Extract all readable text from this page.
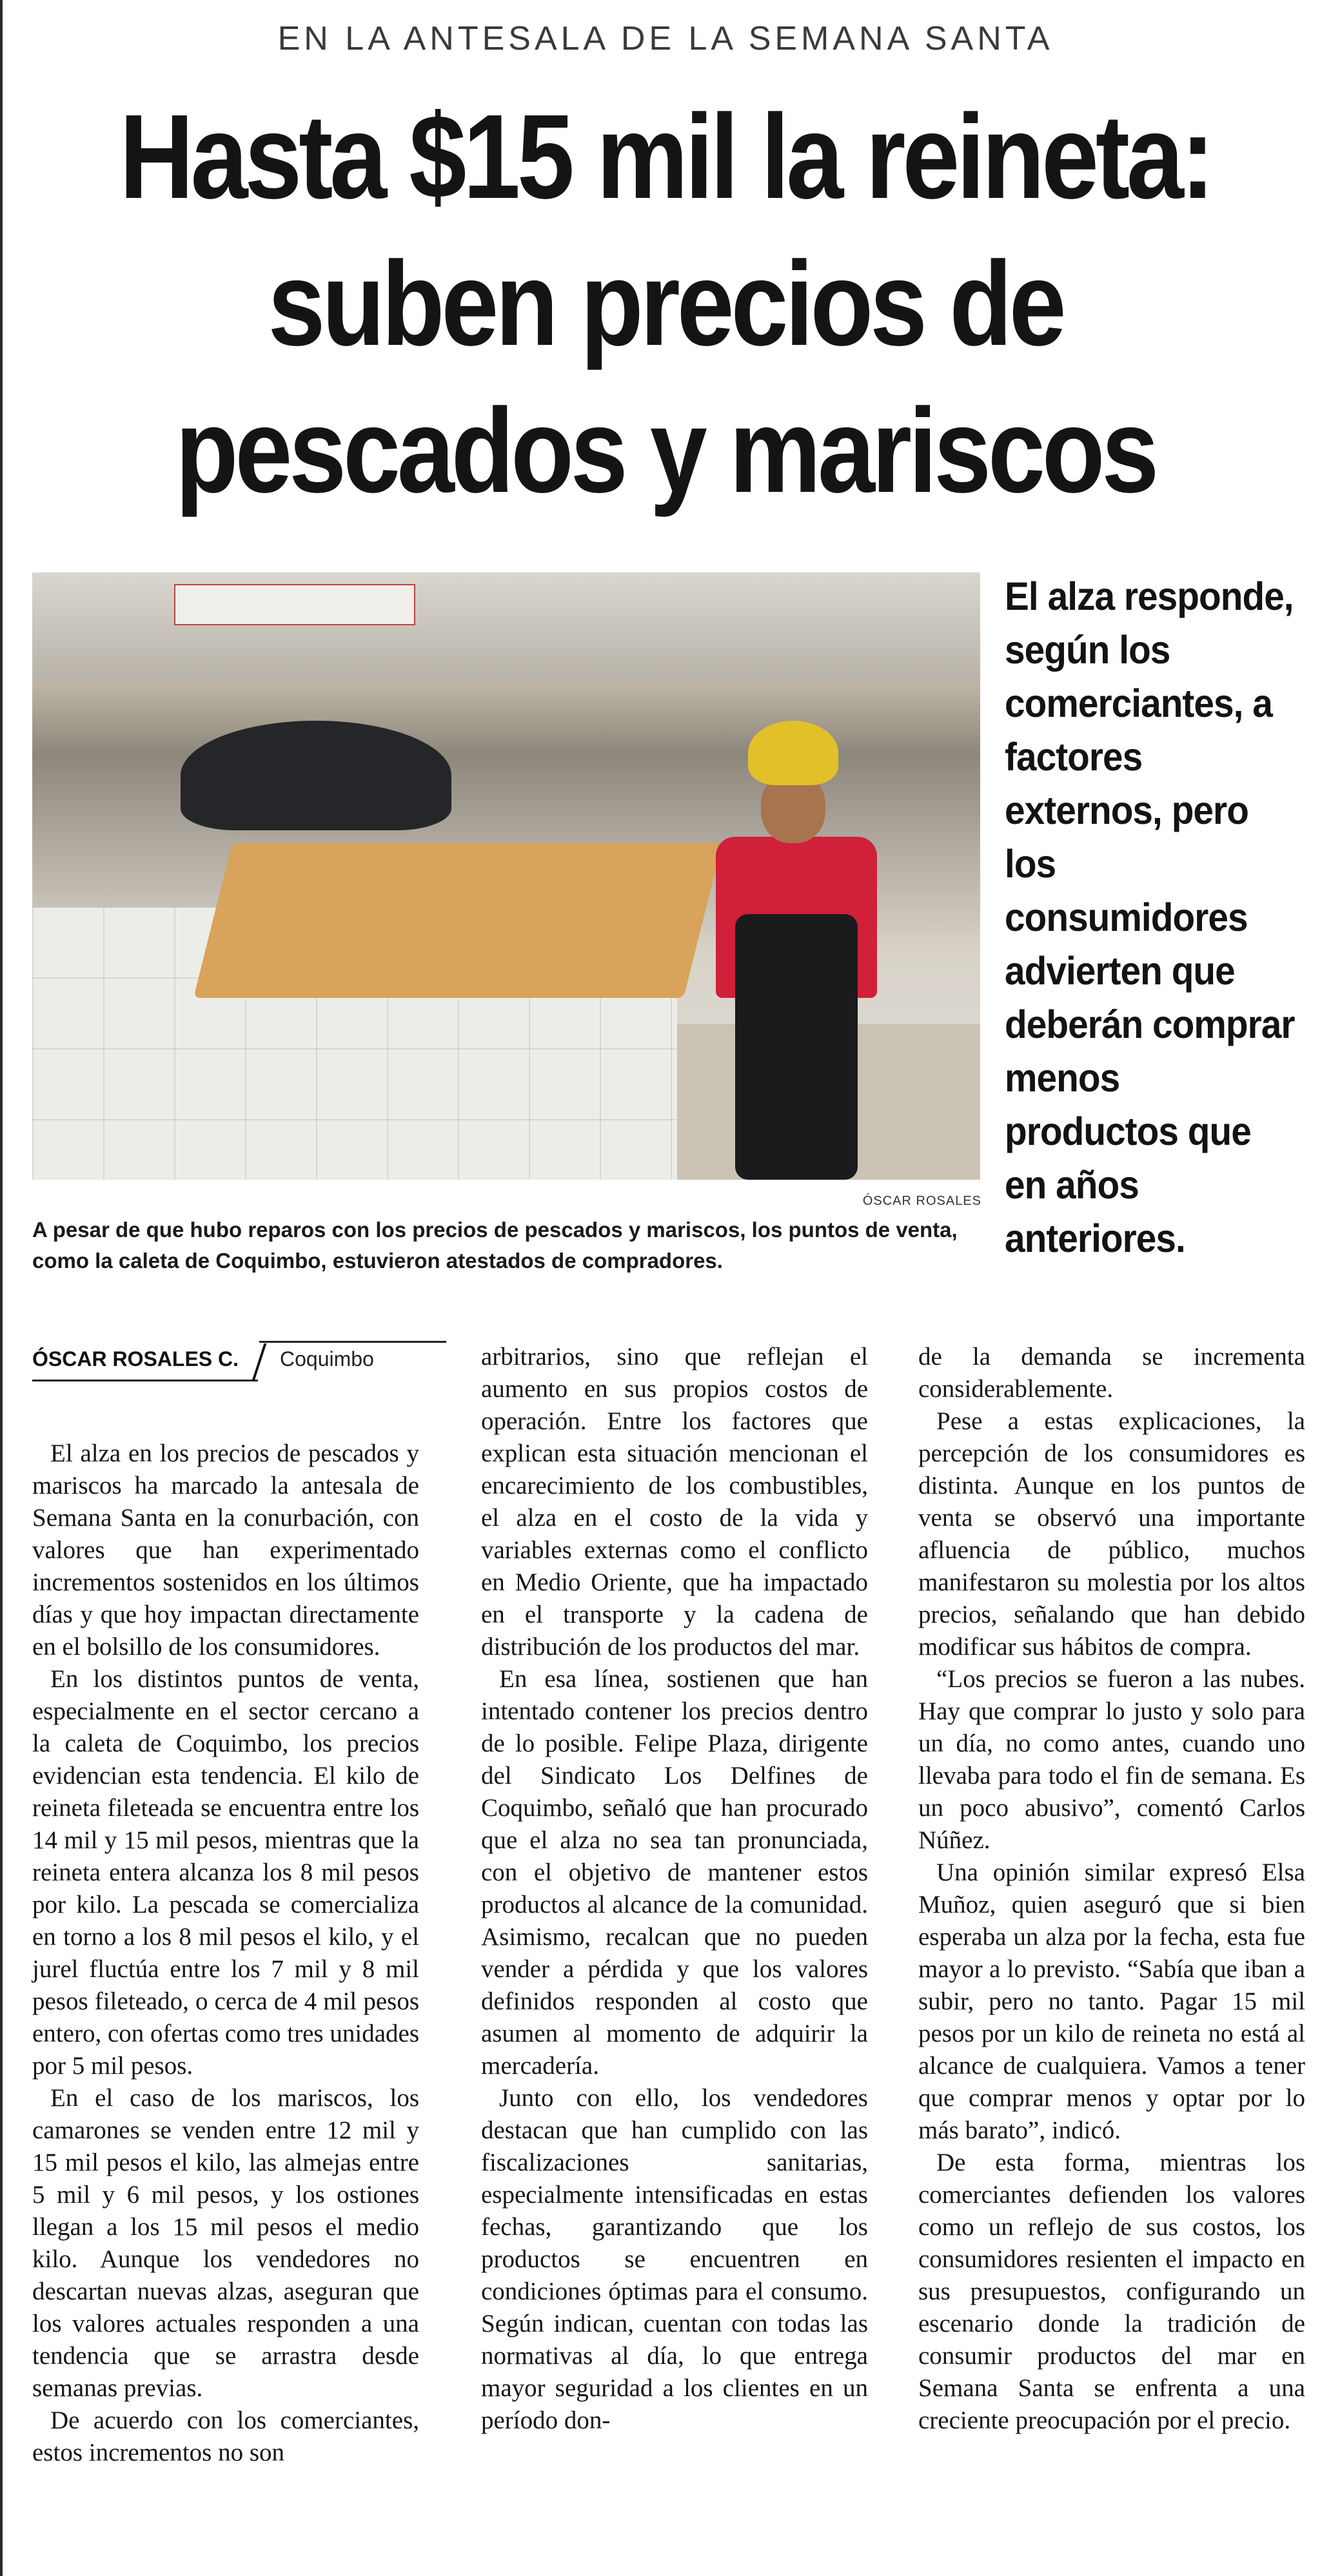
EN LA ANTESALA DE LA SEMANA SANTA
Hasta $15 mil la reineta:
suben precios de
pescados y mariscos
ÓSCAR ROSALES
A pesar de que hubo reparos con los precios de pescados y mariscos, los puntos de venta, como la caleta de Coquimbo, estuvieron atestados de compradores.
El alza responde, según los comerciantes, a factores externos, pero los consumidores advierten que deberán comprar menos productos que en años anteriores.
ÓSCAR ROSALES C. Coquimbo

El alza en los precios de pescados y mariscos ha marcado la antesala de Semana Santa en la conurbación, con valores que han experimentado incrementos sostenidos en los últimos días y que hoy impactan directamente en el bolsillo de los consumidores.

En los distintos puntos de venta, especialmente en el sector cercano a la caleta de Coquimbo, los precios evidencian esta tendencia. El kilo de reineta fileteada se encuentra entre los 14 mil y 15 mil pesos, mientras que la reineta entera alcanza los 8 mil pesos por kilo. La pescada se comercializa en torno a los 8 mil pesos el kilo, y el jurel fluctúa entre los 7 mil y 8 mil pesos fileteado, o cerca de 4 mil pesos entero, con ofertas como tres unidades por 5 mil pesos.

En el caso de los mariscos, los camarones se venden entre 12 mil y 15 mil pesos el kilo, las almejas entre 5 mil y 6 mil pesos, y los ostiones llegan a los 15 mil pesos el medio kilo. Aunque los vendedores no descartan nuevas alzas, aseguran que los valores actuales responden a una tendencia que se arrastra desde semanas previas.

De acuerdo con los comerciantes, estos incrementos no son

arbitrarios, sino que reflejan el aumento en sus propios costos de operación. Entre los factores que explican esta situación mencionan el encarecimiento de los combustibles, el alza en el costo de la vida y variables externas como el conflicto en Medio Oriente, que ha impactado en el transporte y la cadena de distribución de los productos del mar.

En esa línea, sostienen que han intentado contener los precios dentro de lo posible. Felipe Plaza, dirigente del Sindicato Los Delfines de Coquimbo, señaló que han procurado que el alza no sea tan pronunciada, con el objetivo de mantener estos productos al alcance de la comunidad. Asimismo, recalcan que no pueden vender a pérdida y que los valores definidos responden al costo que asumen al momento de adquirir la mercadería.

Junto con ello, los vendedores destacan que han cumplido con las fiscalizaciones sanitarias, especialmente intensificadas en estas fechas, garantizando que los productos se encuentren en condiciones óptimas para el consumo. Según indican, cuentan con todas las normativas al día, lo que entrega mayor seguridad a los clientes en un período don-

de la demanda se incrementa considerablemente.

Pese a estas explicaciones, la percepción de los consumidores es distinta. Aunque en los puntos de venta se observó una importante afluencia de público, muchos manifestaron su molestia por los altos precios, señalando que han debido modificar sus hábitos de compra.

“Los precios se fueron a las nubes. Hay que comprar lo justo y solo para un día, no como antes, cuando uno llevaba para todo el fin de semana. Es un poco abusivo”, comentó Carlos Núñez.

Una opinión similar expresó Elsa Muñoz, quien aseguró que si bien esperaba un alza por la fecha, esta fue mayor a lo previsto. “Sabía que iban a subir, pero no tanto. Pagar 15 mil pesos por un kilo de reineta no está al alcance de cualquiera. Vamos a tener que comprar menos y optar por lo más barato”, indicó.

De esta forma, mientras los comerciantes defienden los valores como un reflejo de sus costos, los consumidores resienten el impacto en sus presupuestos, configurando un escenario donde la tradición de consumir productos del mar en Semana Santa se enfrenta a una creciente preocupación por el precio.
